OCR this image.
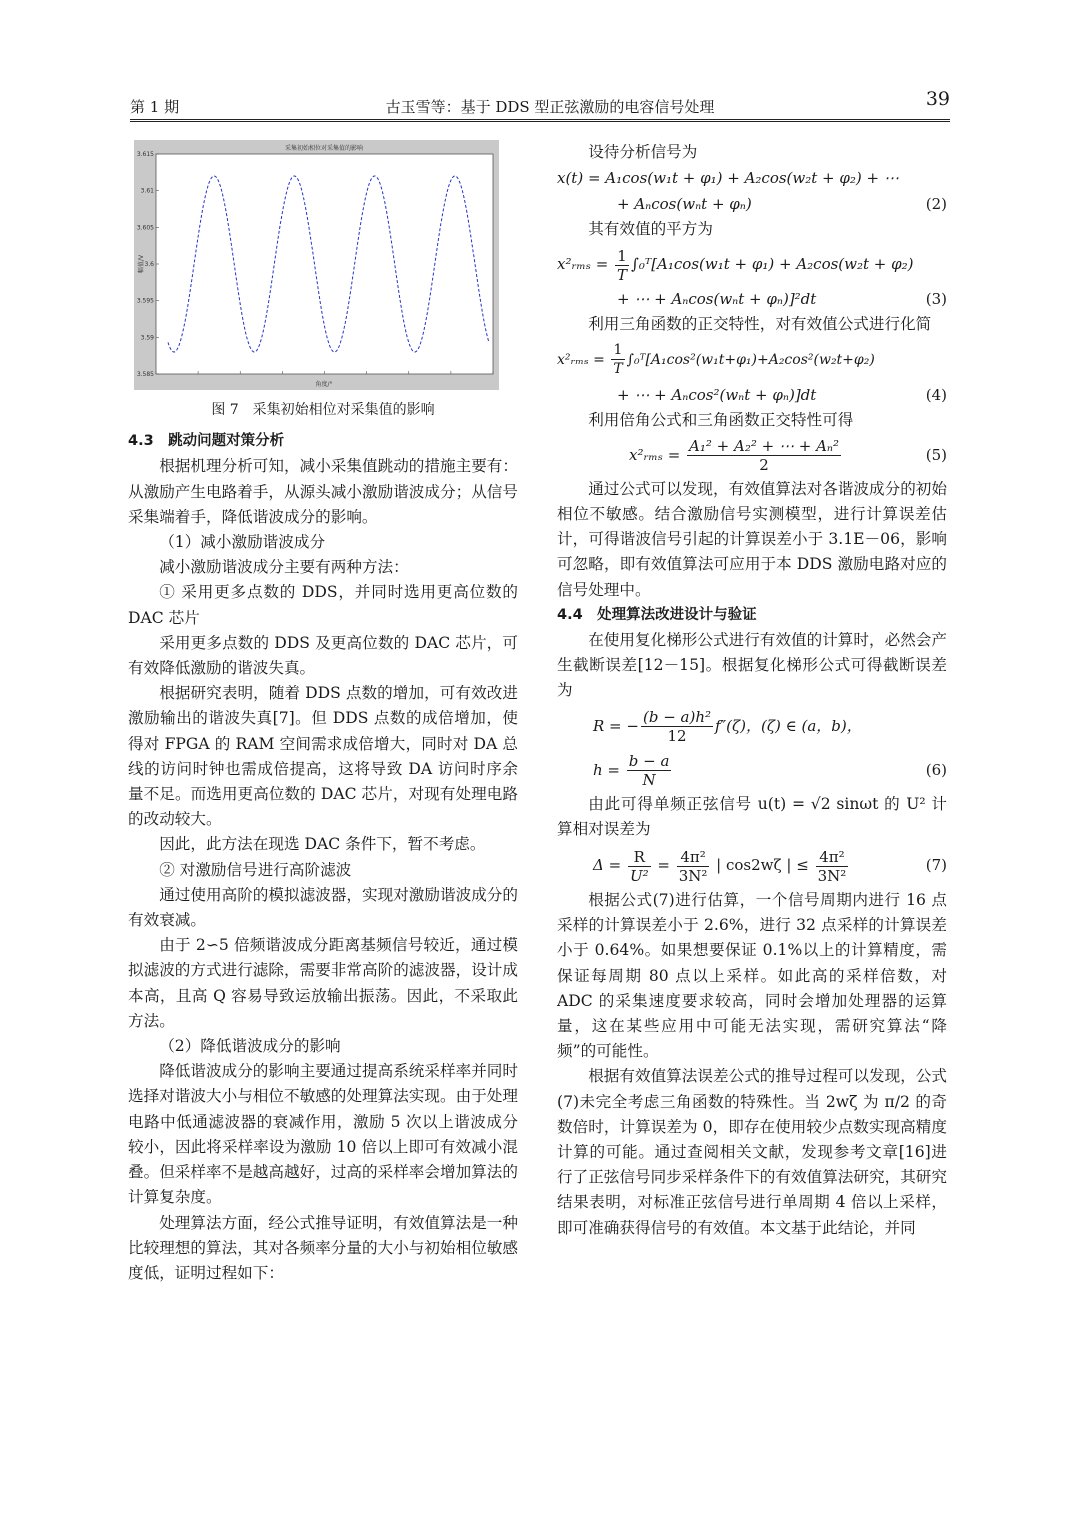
第 1 期	古玉雪等：基于 DDS 型正弦激励的电容信号处理	39
采集初始相位对采集值的影响
幅值/V
角度/°
3.615
3.61
3.605
3.6
3.595
3.59
3.585
图 7　采集初始相位对采集值的影响

4.3　跳动问题对策分析

根据机理分析可知，减小采集值跳动的措施主要有：从激励产生电路着手，从源头减小激励谐波成分；从信号采集端着手，降低谐波成分的影响。

（1）减小激励谐波成分

减小激励谐波成分主要有两种方法：

① 采用更多点数的 DDS，并同时选用更高位数的 DAC 芯片

采用更多点数的 DDS 及更高位数的 DAC 芯片，可有效降低激励的谐波失真。

根据研究表明，随着 DDS 点数的增加，可有效改进激励输出的谐波失真[7]。但 DDS 点数的成倍增加，使得对 FPGA 的 RAM 空间需求成倍增大，同时对 DA 总线的访问时钟也需成倍提高，这将导致 DA 访问时序余量不足。而选用更高位数的 DAC 芯片，对现有处理电路的改动较大。

因此，此方法在现选 DAC 条件下，暂不考虑。

② 对激励信号进行高阶滤波

通过使用高阶的模拟滤波器，实现对激励谐波成分的有效衰减。

由于 2∽5 倍频谐波成分距离基频信号较近，通过模拟滤波的方式进行滤除，需要非常高阶的滤波器，设计成本高，且高 Q 容易导致运放输出振荡。因此，不采取此方法。

（2）降低谐波成分的影响

降低谐波成分的影响主要通过提高系统采样率并同时选择对谐波大小与相位不敏感的处理算法实现。由于处理电路中低通滤波器的衰减作用，激励 5 次以上谐波成分较小，因此将采样率设为激励 10 倍以上即可有效减小混叠。但采样率不是越高越好，过高的采样率会增加算法的计算复杂度。

处理算法方面，经公式推导证明，有效值算法是一种比较理想的算法，其对各频率分量的大小与初始相位敏感度低，证明过程如下：

设待分析信号为

x(t) = A₁cos(w₁t + φ₁) + A₂cos(w₂t + φ₂) + ⋯
+ Aₙcos(wₙt + φₙ)	(2)

其有效值的平方为

x²ᵣₘₛ = $\frac{1}{T}$ ∫₀ᵀ[A₁cos(w₁t + φ₁) + A₂cos(w₂t + φ₂)
+ ⋯ + Aₙcos(wₙt + φₙ)]²dt	(3)

利用三角函数的正交特性，对有效值公式进行化简

x²ᵣₘₛ = $\frac{1}{T}$ ∫₀ᵀ[A₁cos²(w₁t+φ₁)+A₂cos²(w₂t+φ₂)
+ ⋯ + Aₙcos²(wₙt + φₙ)]dt	(4)

利用倍角公式和三角函数正交特性可得

x²ᵣₘₛ = $\frac{\text{A₁² + A₂² + ⋯ + Aₙ²}}{2}$	(5)

通过公式可以发现，有效值算法对各谐波成分的初始相位不敏感。结合激励信号实测模型，进行计算误差估计，可得谐波信号引起的计算误差小于 3.1E－06，影响可忽略，即有效值算法可应用于本 DDS 激励电路对应的信号处理中。

4.4　处理算法改进设计与验证

在使用复化梯形公式进行有效值的计算时，必然会产生截断误差[12－15]。根据复化梯形公式可得截断误差为

R = − $\frac{\text{(b − a)h²}}{12} f''(\zeta)$，(ζ) ∈ (a，b)，
$h = \frac{b - a}{N}$	(6)

由此可得单频正弦信号 u(t) = √2 sinωt 的 U² 计算相对误差为

$\Delta = \frac{R}{\text{U²}} = \frac{\text{4π²}}{\text{3N²}}$ | cos2wζ | ≤ $\frac{\text{4π²}}{\text{3N²}}$	(7)

根据公式(7)进行估算，一个信号周期内进行 16 点采样的计算误差小于 2.6%，进行 32 点采样的计算误差小于 0.64%。如果想要保证 0.1%以上的计算精度，需保证每周期 80 点以上采样。如此高的采样倍数，对 ADC 的采集速度要求较高，同时会增加处理器的运算量，这在某些应用中可能无法实现，需研究算法“降频”的可能性。

根据有效值算法误差公式的推导过程可以发现，公式(7)未完全考虑三角函数的特殊性。当 2wζ 为 π/2 的奇数倍时，计算误差为 0，即存在使用较少点数实现高精度计算的可能。通过查阅相关文献，发现参考文章[16]进行了正弦信号同步采样条件下的有效值算法研究，其研究结果表明，对标准正弦信号进行单周期 4 倍以上采样，即可准确获得信号的有效值。本文基于此结论，并同
